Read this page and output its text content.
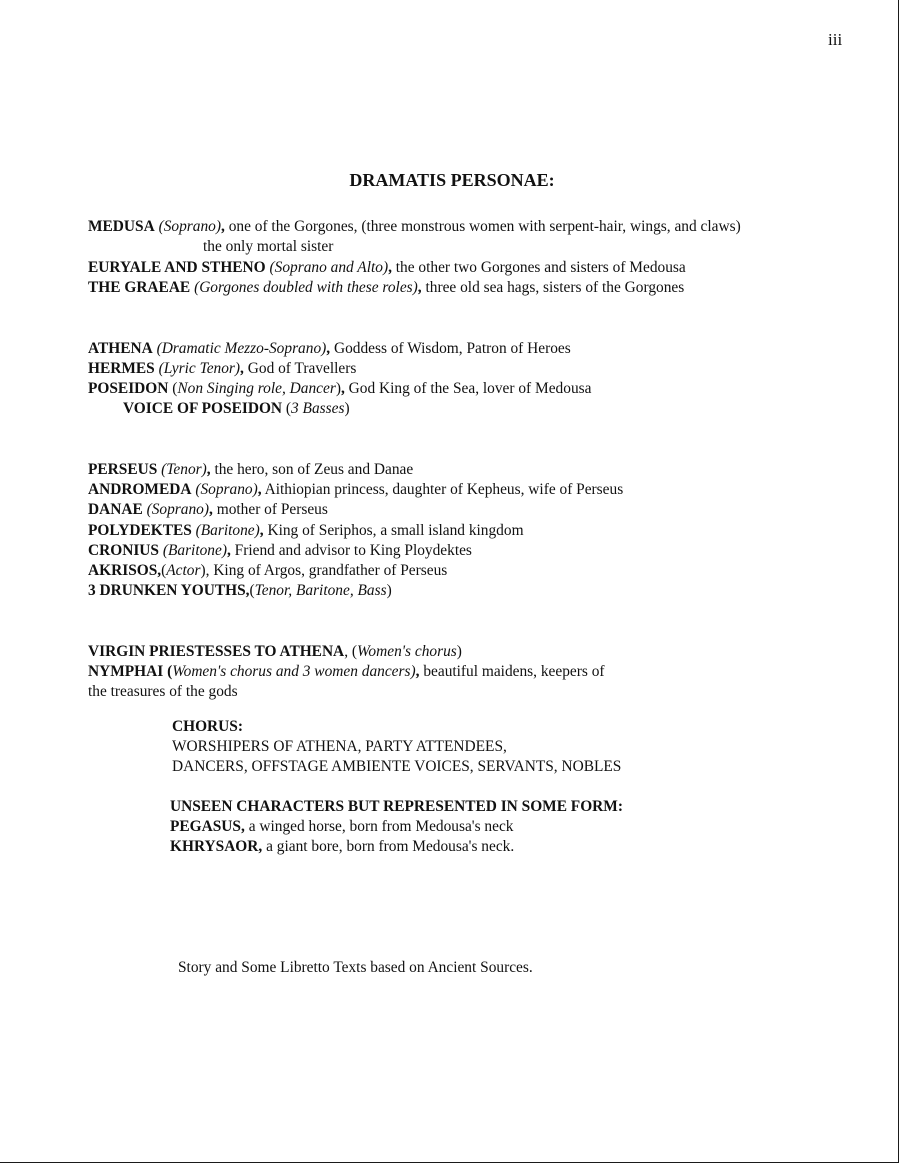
iii
DRAMATIS PERSONAE:
MEDUSA (Soprano), one of the Gorgones, (three monstrous women with serpent-hair, wings, and claws)
the only mortal sister
EURYALE AND STHENO (Soprano and Alto), the other two Gorgones and sisters of Medousa
THE GRAEAE (Gorgones doubled with these roles), three old sea hags, sisters of the Gorgones
ATHENA (Dramatic Mezzo-Soprano), Goddess of Wisdom, Patron of Heroes
HERMES (Lyric Tenor), God of Travellers
POSEIDON (Non Singing role, Dancer), God King of the Sea, lover of Medousa
VOICE OF POSEIDON (3 Basses)
PERSEUS (Tenor), the hero, son of Zeus and Danae
ANDROMEDA (Soprano), Aithiopian princess, daughter of Kepheus, wife of Perseus
DANAE (Soprano), mother of Perseus
POLYDEKTES (Baritone), King of Seriphos, a small island kingdom
CRONIUS (Baritone), Friend and advisor to King Ploydektes
AKRISOS,(Actor), King of Argos, grandfather of Perseus
3 DRUNKEN YOUTHS,(Tenor, Baritone, Bass)
VIRGIN PRIESTESSES TO ATHENA, (Women's chorus)
NYMPHAI (Women's chorus and 3 women dancers), beautiful maidens, keepers of
the treasures of the gods
CHORUS:
WORSHIPERS OF ATHENA, PARTY ATTENDEES,
DANCERS, OFFSTAGE AMBIENTE VOICES, SERVANTS, NOBLES
UNSEEN CHARACTERS BUT REPRESENTED IN SOME FORM:
PEGASUS, a winged horse, born from Medousa's neck
KHRYSAOR, a giant bore, born from Medousa's neck.
Story and Some Libretto Texts based on Ancient Sources.
